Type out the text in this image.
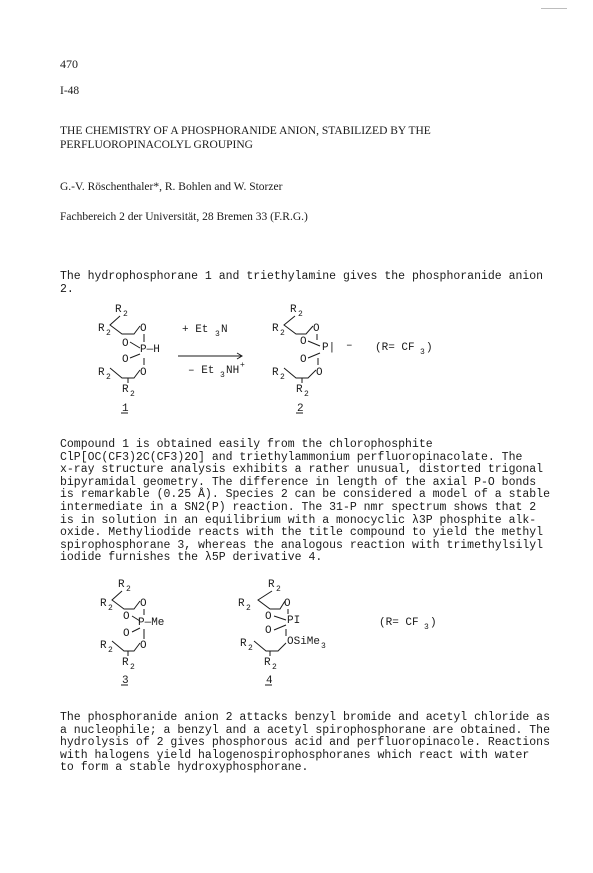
470
I-48
THE CHEMISTRY OF A PHOSPHORANIDE ANION, STABILIZED BY THE PERFLUOROPINACOLYL GROUPING
G.-V. Röschenthaler*, R. Bohlen and W. Storzer
Fachbereich 2 der Universität, 28 Bremen 33 (F.R.G.)
The hydrophosphorane 1 and triethylamine gives the phosphoranide anion
2.
R 2
R 2	O
O P—H
O
R 2	O
R 2
1
+ Et 3 N
– Et 3 NH +
R 2
R 2	O
O P| –
O
R 2	O
R 2
2
(R= CF 3 )
Compound 1 is obtained easily from the chlorophosphite
ClP[OC(CF3)2C(CF3)2O] and triethylammonium perfluoropinacolate. The
x-ray structure analysis exhibits a rather unusual, distorted trigonal
bipyramidal geometry. The difference in length of the axial P-O bonds
is remarkable (0.25 Å). Species 2 can be considered a model of a stable
intermediate in a SN2(P) reaction. The 31-P nmr spectrum shows that 2
is in solution in an equilibrium with a monocyclic λ3P phosphite alk-
oxide. Methyliodide reacts with the title compound to yield the methyl
spirophosphorane 3, whereas the analogous reaction with trimethylsilyl
iodide furnishes the λ5P derivative 4.
R 2
R 2 O
O P—Me
O
R 2 O
R 2
3
R 2
R 2	O
O PI
O
R 2
OSiMe 3
R 2
4
(R= CF 3 )
The phosphoranide anion 2 attacks benzyl bromide and acetyl chloride as
a nucleophile; a benzyl and a acetyl spirophosphorane are obtained. The
hydrolysis of 2 gives phosphorous acid and perfluoropinacole. Reactions
with halogens yield halogenospirophosphoranes which react with water
to form a stable hydroxyphosphorane.
